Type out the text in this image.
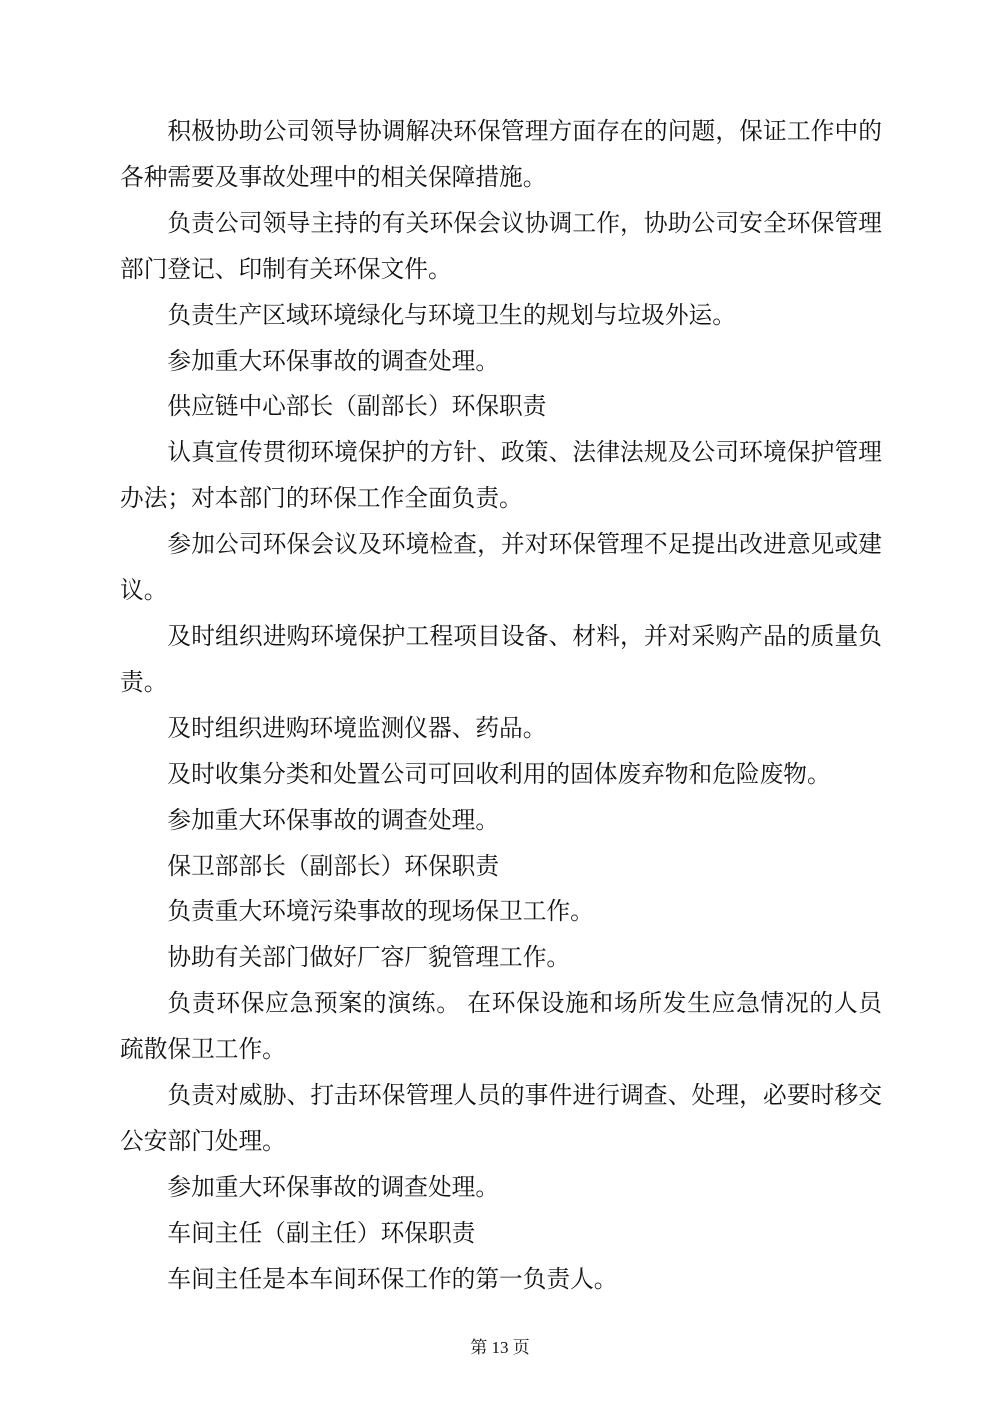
积极协助公司领导协调解决环保管理方面存在的问题，保证工作中的各种需要及事故处理中的相关保障措施。

负责公司领导主持的有关环保会议协调工作，协助公司安全环保管理部门登记、印制有关环保文件。

负责生产区域环境绿化与环境卫生的规划与垃圾外运。

参加重大环保事故的调查处理。

供应链中心部长（副部长）环保职责

认真宣传贯彻环境保护的方针、政策、法律法规及公司环境保护管理办法；对本部门的环保工作全面负责。

参加公司环保会议及环境检查，并对环保管理不足提出改进意见或建议。

及时组织进购环境保护工程项目设备、材料，并对采购产品的质量负责。

及时组织进购环境监测仪器、药品。

及时收集分类和处置公司可回收利用的固体废弃物和危险废物。

参加重大环保事故的调查处理。

保卫部部长（副部长）环保职责

负责重大环境污染事故的现场保卫工作。

协助有关部门做好厂容厂貌管理工作。

负责环保应急预案的演练。 在环保设施和场所发生应急情况的人员疏散保卫工作。

负责对威胁、打击环保管理人员的事件进行调查、处理，必要时移交公安部门处理。

参加重大环保事故的调查处理。

车间主任（副主任）环保职责

车间主任是本车间环保工作的第一负责人。

第 13 页
